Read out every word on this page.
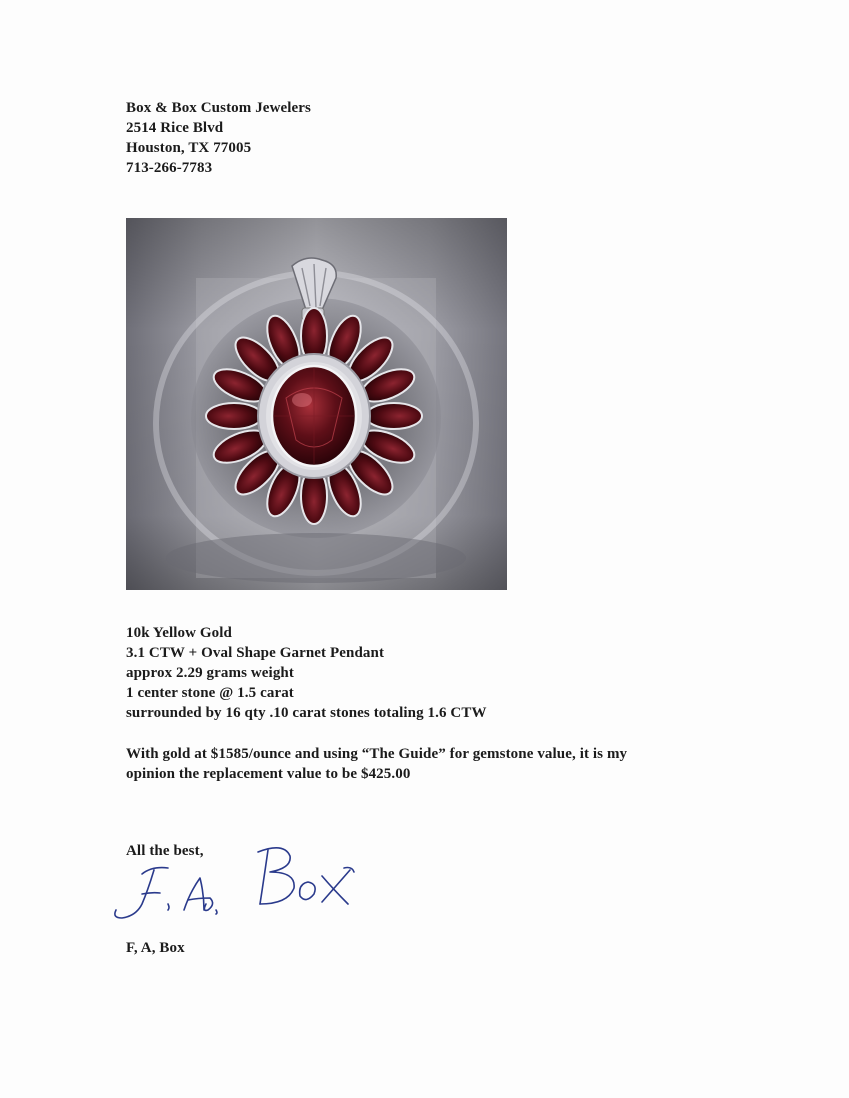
Box & Box Custom Jewelers
2514 Rice Blvd
Houston, TX 77005
713-266-7783
10k Yellow Gold
3.1 CTW + Oval Shape Garnet Pendant
approx 2.29 grams weight
1 center stone @ 1.5 carat
surrounded by 16 qty .10 carat stones totaling 1.6 CTW
With gold at $1585/ounce and using “The Guide” for gemstone value, it is my
opinion the replacement value to be $425.00
All the best,
F, A, Box
